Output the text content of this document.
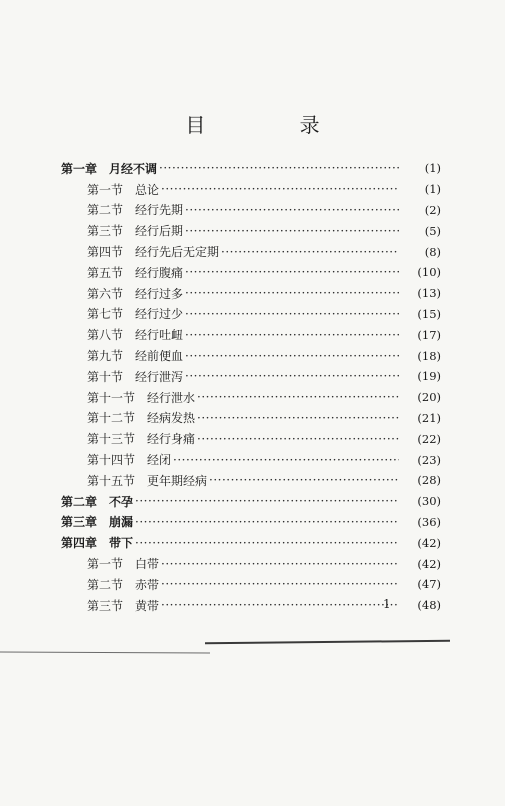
目 录
第一章　月经不调 ·····	(1)
第一节　总论 ·····	(1)
第二节　经行先期 ·····	(2)
第三节　经行后期 ·····	(5)
第四节　经行先后无定期 ·····	(8)
第五节　经行腹痛 ·····	(10)
第六节　经行过多 ·····	(13)
第七节　经行过少 ·····	(15)
第八节　经行吐衄 ·····	(17)
第九节　经前便血 ·····	(18)
第十节　经行泄泻 ·····	(19)
第十一节　经行泄水 ·····	(20)
第十二节　经病发热 ·····	(21)
第十三节　经行身痛 ·····	(22)
第十四节　经闭 ·····	(23)
第十五节　更年期经病 ·····	(28)
第二章　不孕 ·····	(30)
第三章　崩漏 ·····	(36)
第四章　带下 ·····	(42)
第一节　白带 ·····	(42)
第二节　赤带 ·····	(47)
第三节　黄带 ·····	(48)
1
